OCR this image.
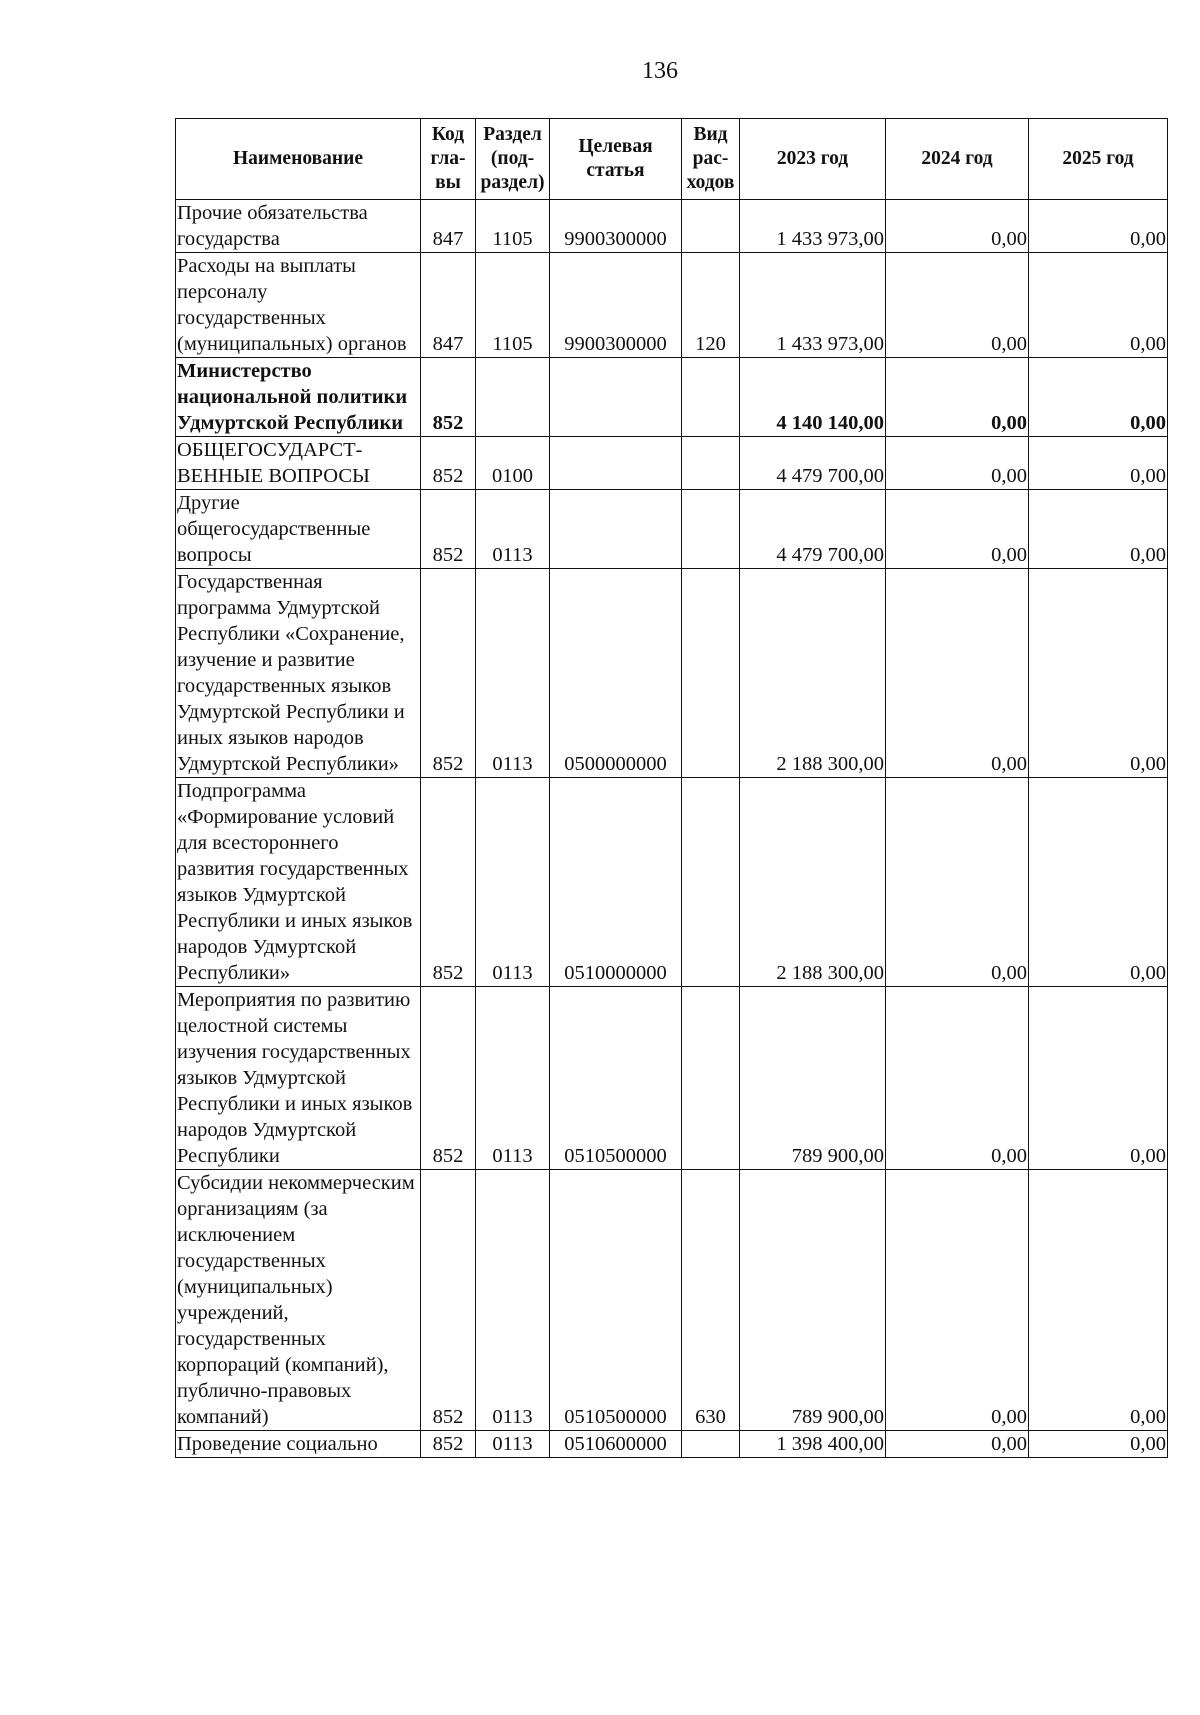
136
Наименование	Код гла-вы	Раздел (под-раздел)	Целевая статья	Вид рас-ходов	2023 год	2024 год	2025 год
Прочие обязательства государства	847	1105	9900300000		1 433 973,00	0,00	0,00
Расходы на выплаты персоналу государственных (муниципальных) органов	847	1105	9900300000	120	1 433 973,00	0,00	0,00
Министерство национальной политики Удмуртской Республики	852				4 140 140,00	0,00	0,00
ОБЩЕГОСУДАРСТ-ВЕННЫЕ ВОПРОСЫ	852	0100			4 479 700,00	0,00	0,00
Другие общегосударственные вопросы	852	0113			4 479 700,00	0,00	0,00
Государственная программа Удмуртской Республики «Сохранение, изучение и развитие государственных языков Удмуртской Республики и иных языков народов Удмуртской Республики»	852	0113	0500000000		2 188 300,00	0,00	0,00
Подпрограмма «Формирование условий для всестороннего развития государственных языков Удмуртской Республики и иных языков народов Удмуртской Республики»	852	0113	0510000000		2 188 300,00	0,00	0,00
Мероприятия по развитию целостной системы изучения государственных языков Удмуртской Республики и иных языков народов Удмуртской Республики	852	0113	0510500000		789 900,00	0,00	0,00
Субсидии некоммерческим организациям (за исключением государственных (муниципальных) учреждений, государственных корпораций (компаний), публично-правовых компаний)	852	0113	0510500000	630	789 900,00	0,00	0,00
Проведение социально	852	0113	0510600000		1 398 400,00	0,00	0,00
